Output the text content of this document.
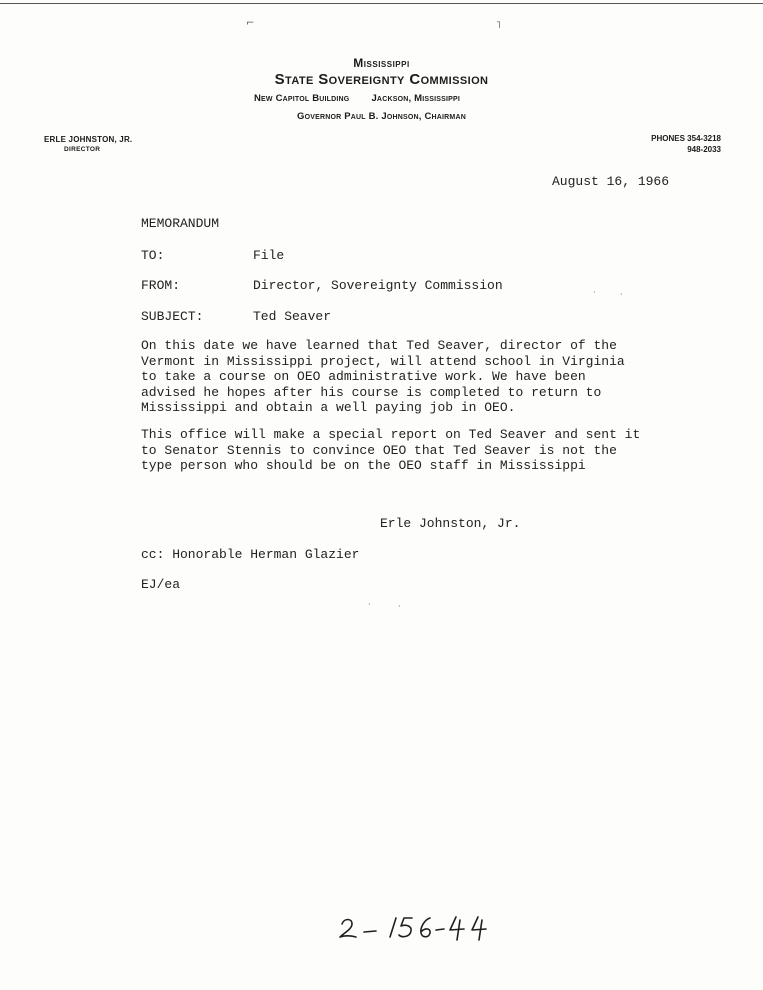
Mississippi
State Sovereignty Commission
New Capitol Building Jackson, Mississippi
Governor Paul B. Johnson, Chairman
ERLE JOHNSTON, JR.
DIRECTOR
PHONES 354-3218
948-2033
August 16, 1966
MEMORANDUM
TO:	File
FROM:	Director, Sovereignty Commission
SUBJECT:	Ted Seaver
On this date we have learned that Ted Seaver, director of the
Vermont in Mississippi project, will attend school in Virginia
to take a course on OEO administrative work. We have been
advised he hopes after his course is completed to return to
Mississippi and obtain a well paying job in OEO.
This office will make a special report on Ted Seaver and sent it
to Senator Stennis to convince OEO that Ted Seaver is not the
type person who should be on the OEO staff in Mississippi
Erle Johnston, Jr.
cc: Honorable Herman Glazier
EJ/ea
⌐	˥
·	·
·	·
